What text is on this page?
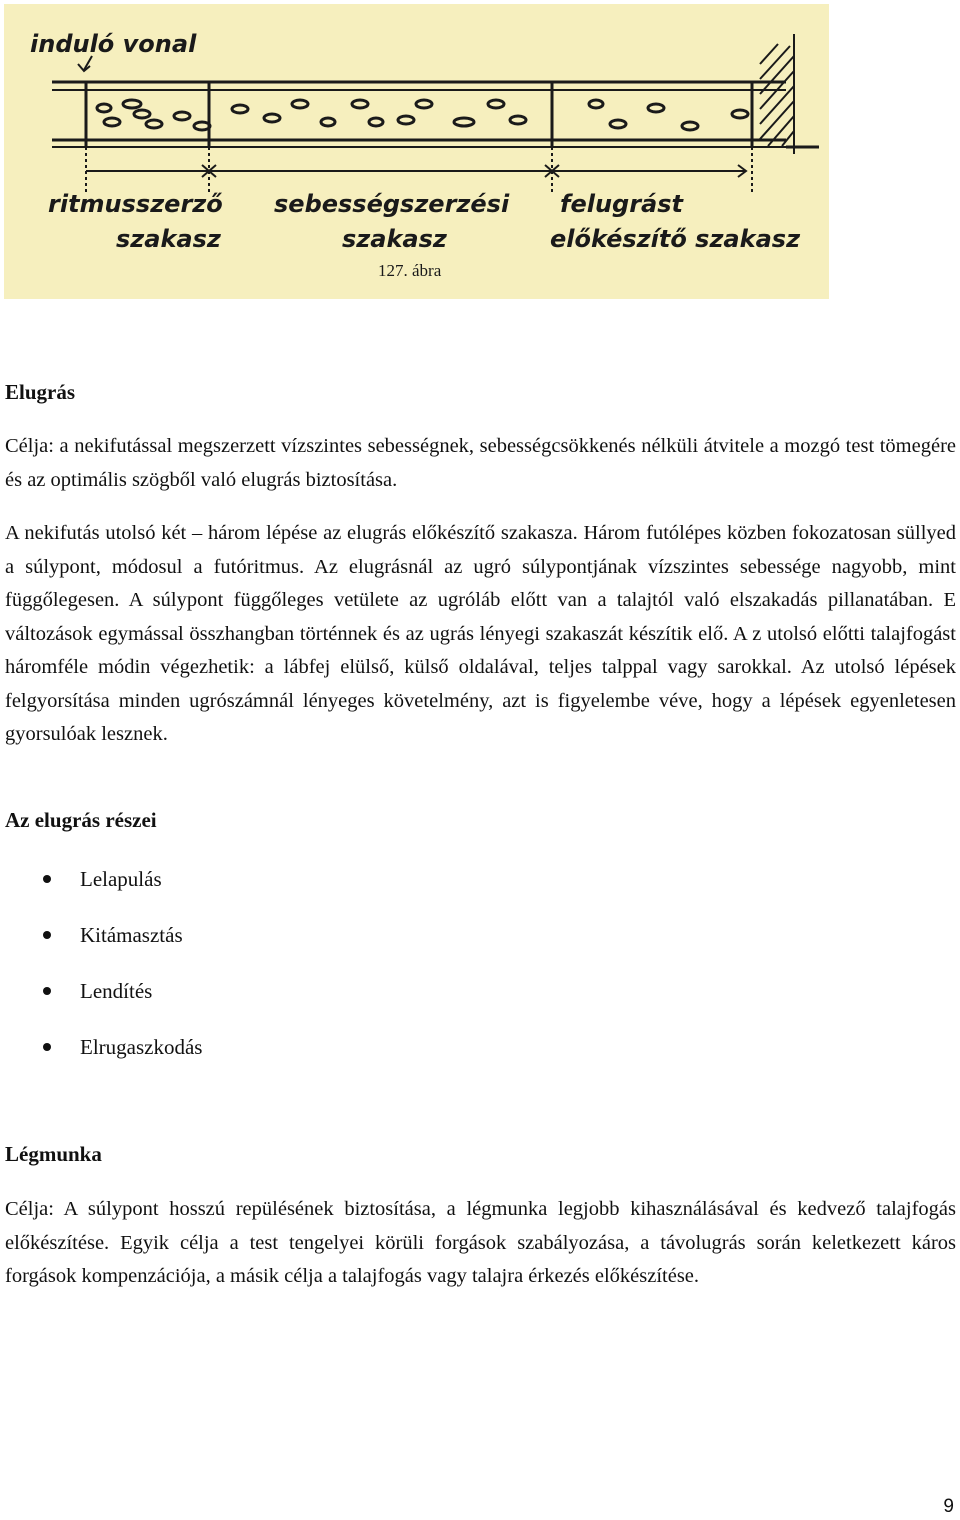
induló vonal
ritmusszerző
szakasz
sebességszerzési
szakasz
felugrást
előkészítő szakasz
127. ábra
Elugrás

Célja: a nekifutással megszerzett vízszintes sebességnek, sebességcsökkenés nélküli átvitele a mozgó test tömegére és az optimális szögből való elugrás biztosítása.

A nekifutás utolsó két – három lépése az elugrás előkészítő szakasza. Három futólépes közben fokozatosan süllyed a súlypont, módosul a futóritmus. Az elugrásnál az ugró súlypontjának vízszintes sebessége nagyobb, mint függőlegesen. A súlypont függőleges vetülete az ugróláb előtt van a talajtól való elszakadás pillanatában. E változások egymással összhangban történnek és az ugrás lényegi szakaszát készítik elő. A z utolsó előtti talajfogást háromféle módin végezhetik: a lábfej elülső, külső oldalával, teljes talppal vagy sarokkal. Az utolsó lépések felgyorsítása minden ugrószámnál lényeges követelmény, azt is figyelembe véve, hogy a lépések egyenletesen gyorsulóak lesznek.

Az elugrás részei
Lelapulás
Kitámasztás
Lendítés
Elrugaszkodás
Légmunka

Célja: A súlypont hosszú repülésének biztosítása, a légmunka legjobb kihasználásával és kedvező talajfogás előkészítése. Egyik célja a test tengelyei körüli forgások szabályozása, a távolugrás során keletkezett káros forgások kompenzációja, a másik célja a talajfogás vagy talajra érkezés előkészítése.

9
